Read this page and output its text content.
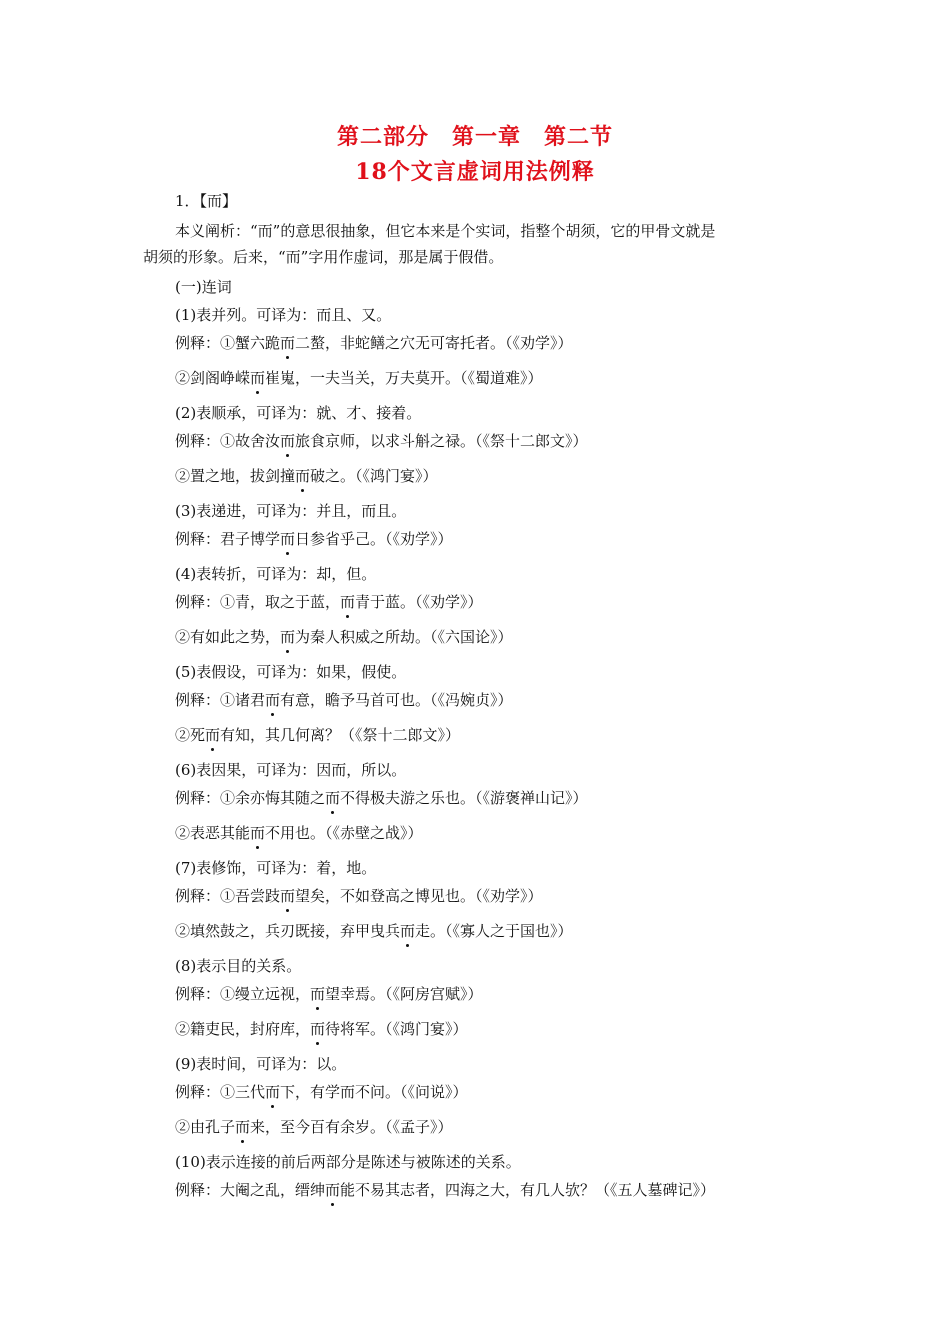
第二部分　第一章　第二节
18个文言虚词用法例释
1．【而】
本义阐析：“而”的意思很抽象，但它本来是个实词，指整个胡须，它的甲骨文就是
胡须的形象。后来，“而”字用作虚词，那是属于假借。
(一)连词
(1)表并列。可译为：而且、又。
例释：①蟹六跪而二螯，非蛇鳝之穴无可寄托者。（《劝学》）
②剑阁峥嵘而崔嵬，一夫当关，万夫莫开。（《蜀道难》）
(2)表顺承，可译为：就、才、接着。
例释：①故舍汝而旅食京师，以求斗斛之禄。（《祭十二郎文》）
②置之地，拔剑撞而破之。（《鸿门宴》）
(3)表递进，可译为：并且，而且。
例释：君子博学而日参省乎己。（《劝学》）
(4)表转折，可译为：却，但。
例释：①青，取之于蓝，而青于蓝。（《劝学》）
②有如此之势，而为秦人积威之所劫。（《六国论》）
(5)表假设，可译为：如果，假使。
例释：①诸君而有意，瞻予马首可也。（《冯婉贞》）
②死而有知，其几何离？（《祭十二郎文》）
(6)表因果，可译为：因而，所以。
例释：①余亦悔其随之而不得极夫游之乐也。（《游褒禅山记》）
②表恶其能而不用也。（《赤壁之战》）
(7)表修饰，可译为：着，地。
例释：①吾尝跂而望矣，不如登高之博见也。（《劝学》）
②填然鼓之，兵刃既接，弃甲曳兵而走。（《寡人之于国也》）
(8)表示目的关系。
例释：①缦立远视，而望幸焉。（《阿房宫赋》）
②籍吏民，封府库，而待将军。（《鸿门宴》）
(9)表时间，可译为：以。
例释：①三代而下，有学而不问。（《问说》）
②由孔子而来，至今百有余岁。（《孟子》）
(10)表示连接的前后两部分是陈述与被陈述的关系。
例释：大阉之乱，缙绅而能不易其志者，四海之大，有几人欤？（《五人墓碑记》）
